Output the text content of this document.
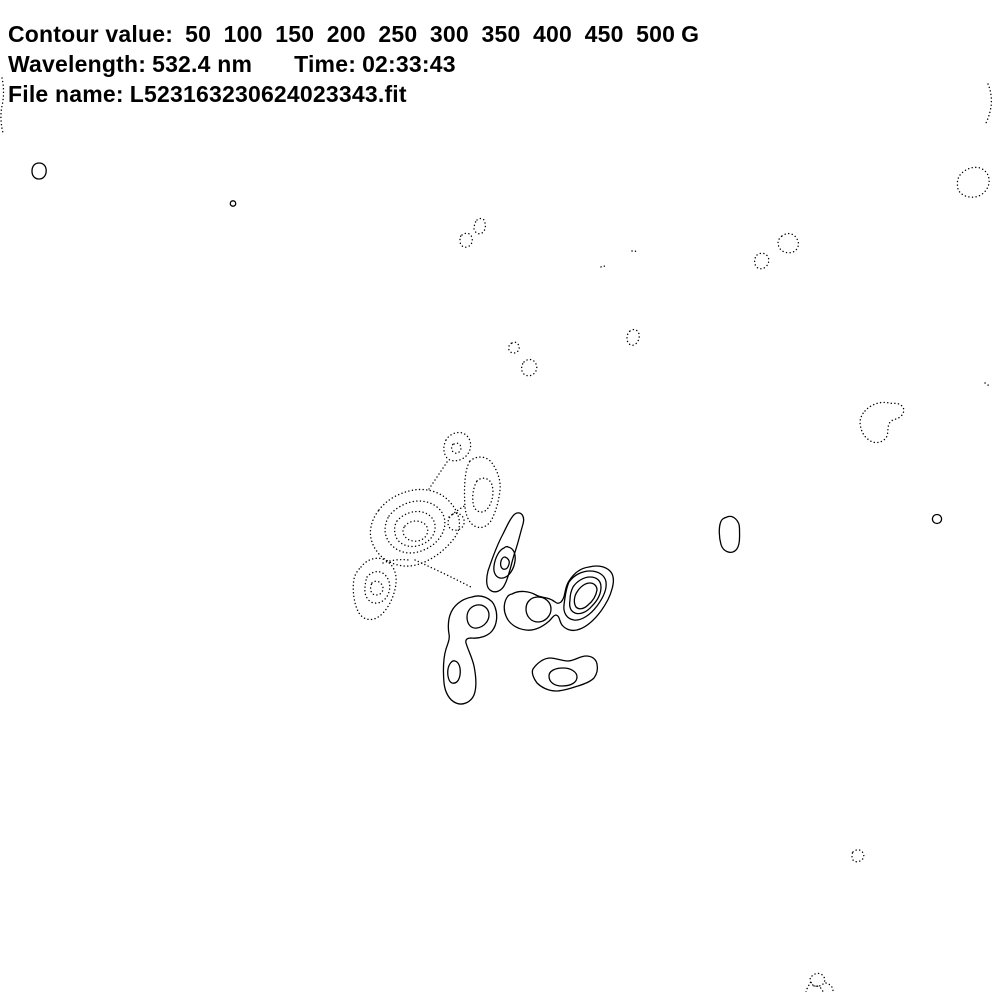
Contour value: 50 100 150 200 250 300 350 400 450 500 G
Wavelength: 532.4 nm Time: 02:33:43
File name: L523163230624023343.fit
